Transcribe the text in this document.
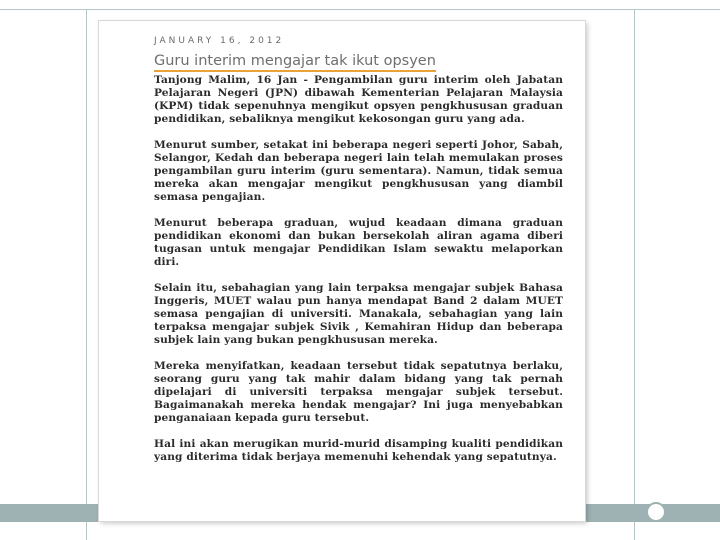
JANUARY 16, 2012
Guru interim mengajar tak ikut opsyen

Tanjong Malim, 16 Jan - Pengambilan guru interim oleh Jabatan Pelajaran Negeri (JPN) dibawah Kementerian Pelajaran Malaysia (KPM) tidak sepenuhnya mengikut opsyen pengkhususan graduan pendidikan, sebaliknya mengikut kekosongan guru yang ada.

Menurut sumber, setakat ini beberapa negeri seperti Johor, Sabah, Selangor, Kedah dan beberapa negeri lain telah memulakan proses pengambilan guru interim (guru sementara). Namun, tidak semua mereka akan mengajar mengikut pengkhususan yang diambil semasa pengajian.

Menurut beberapa graduan, wujud keadaan dimana graduan pendidikan ekonomi dan bukan bersekolah aliran agama diberi tugasan untuk mengajar Pendidikan Islam sewaktu melaporkan diri.

Selain itu, sebahagian yang lain terpaksa mengajar subjek Bahasa Inggeris, MUET walau pun hanya mendapat Band 2 dalam MUET semasa pengajian di universiti. Manakala, sebahagian yang lain terpaksa mengajar subjek Sivik , Kemahiran Hidup dan beberapa subjek lain yang bukan pengkhususan mereka.

Mereka menyifatkan, keadaan tersebut tidak sepatutnya berlaku, seorang guru yang tak mahir dalam bidang yang tak pernah dipelajari di universiti terpaksa mengajar subjek tersebut. Bagaimanakah mereka hendak mengajar? Ini juga menyebabkan penganaiaan kepada guru tersebut.

Hal ini akan merugikan murid-murid disamping kualiti pendidikan yang diterima tidak berjaya memenuhi kehendak yang sepatutnya.
